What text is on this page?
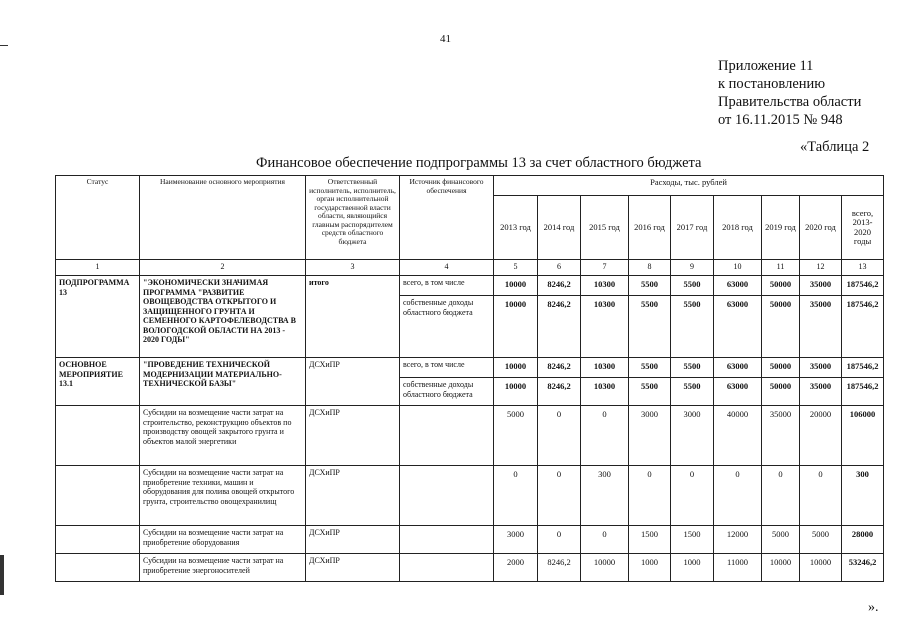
41
Приложение 11
к постановлению
Правительства области
от 16.11.2015 № 948
«Таблица 2
Финансовое обеспечение подпрограммы 13 за счет областного бюджета
Статус	Наименование основного мероприятия	Ответственный исполнитель, исполнитель, орган исполнительной государственной власти области, являющийся главным распорядителем средств областного бюджета	Источник финансового обеспечения	Расходы, тыс. рублей								
				2013 год	2014 год	2015 год	2016 год	2017 год	2018 год	2019 год	2020 год	всего, 2013- 2020 годы
1	2	3	4	5	6	7	8	9	10	11	12	13
ПОДПРОГРАММА 13	"ЭКОНОМИЧЕСКИ ЗНАЧИМАЯ ПРОГРАММА "РАЗВИТИЕ ОВОЩЕВОДСТВА ОТКРЫТОГО И ЗАЩИЩЕННОГО ГРУНТА И СЕМЕННОГО КАРТОФЕЛЕВОДСТВА В ВОЛОГОДСКОЙ ОБЛАСТИ НА 2013 - 2020 ГОДЫ"	итого	всего, в том числе	10000	8246,2	10300	5500	5500	63000	50000	35000	187546,2
			собственные доходы областного бюджета	10000	8246,2	10300	5500	5500	63000	50000	35000	187546,2
ОСНОВНОЕ МЕРОПРИЯТИЕ 13.1	"ПРОВЕДЕНИЕ ТЕХНИЧЕСКОЙ МОДЕРНИЗАЦИИ МАТЕРИАЛЬНО-ТЕХНИЧЕСКОЙ БАЗЫ"	ДСХиПР	всего, в том числе	10000	8246,2	10300	5500	5500	63000	50000	35000	187546,2
			собственные доходы областного бюджета	10000	8246,2	10300	5500	5500	63000	50000	35000	187546,2
	Субсидии на возмещение части затрат на строительство, реконструкцию объектов по производству овощей закрытого грунта и объектов малой энергетики	ДСХиПР		5000	0	0	3000	3000	40000	35000	20000	106000
	Субсидии на возмещение части затрат на приобретение техники, машин и оборудования для полива овощей открытого грунта, строительство овощехранилищ	ДСХиПР		0	0	300	0	0	0	0	0	300
	Субсидии на возмещение части затрат на приобретение оборудования	ДСХиПР		3000	0	0	1500	1500	12000	5000	5000	28000
	Субсидии на возмещение части затрат на приобретение энергоносителей	ДСХиПР		2000	8246,2	10000	1000	1000	11000	10000	10000	53246,2
».
